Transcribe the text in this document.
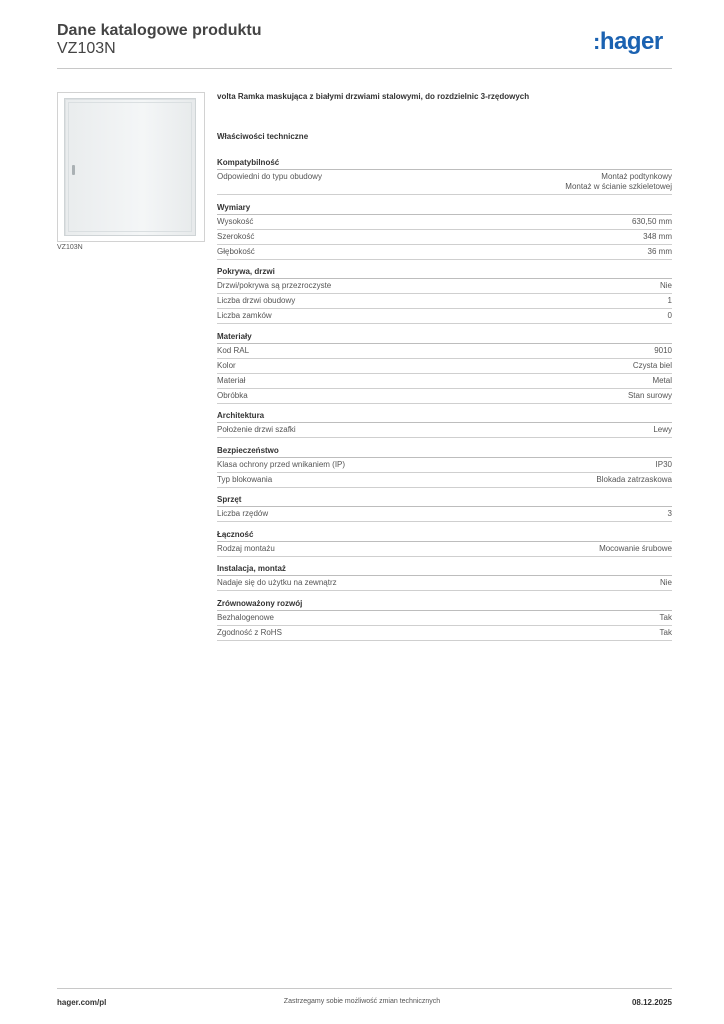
Dane katalogowe produktu
VZ103N	:hager
VZ103N
volta Ramka maskująca z białymi drzwiami stalowymi, do rozdzielnic 3-rzędowych
Właściwości techniczne
Kompatybilność
Odpowiedni do typu obudowy	Montaż podtynkowy
Montaż w ścianie szkieletowej
Wymiary
Wysokość	630,50 mm
Szerokość	348 mm
Głębokość	36 mm
Pokrywa, drzwi
Drzwi/pokrywa są przezroczyste	Nie
Liczba drzwi obudowy	1
Liczba zamków	0
Materiały
Kod RAL	9010
Kolor	Czysta biel
Materiał	Metal
Obróbka	Stan surowy
Architektura
Położenie drzwi szafki	Lewy
Bezpieczeństwo
Klasa ochrony przed wnikaniem (IP)	IP30
Typ blokowania	Blokada zatrzaskowa
Sprzęt
Liczba rzędów	3
Łączność
Rodzaj montażu	Mocowanie śrubowe
Instalacja, montaż
Nadaje się do użytku na zewnątrz	Nie
Zrównoważony rozwój
Bezhalogenowe	Tak
Zgodność z RoHS	Tak
hager.com/pl	Zastrzegamy sobie możliwość zmian technicznych	08.12.2025
